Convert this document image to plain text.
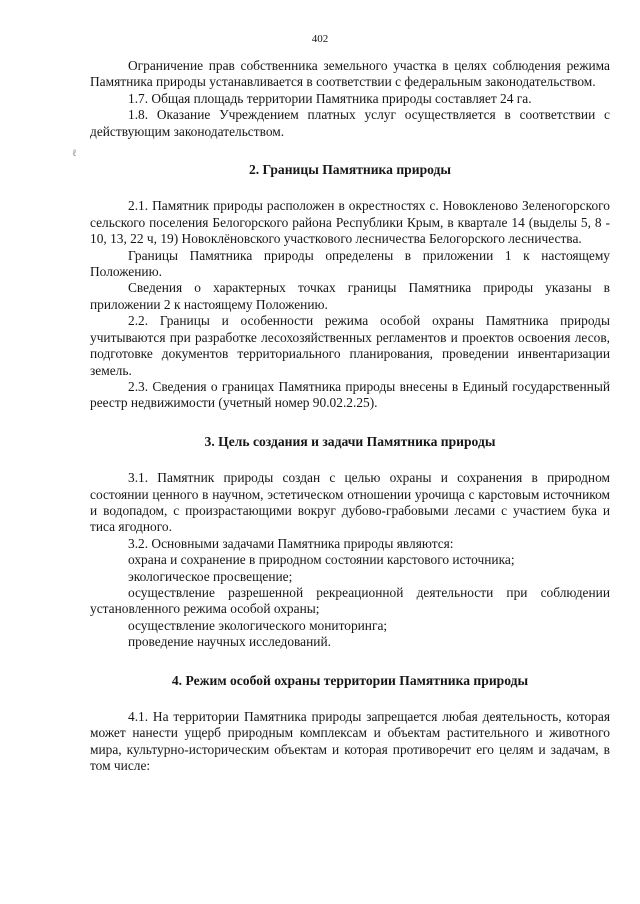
402
ℓ

Ограничение прав собственника земельного участка в целях соблюдения режима Памятника природы устанавливается в соответствии с федеральным законодательством.

1.7. Общая площадь территории Памятника природы составляет 24 га.

1.8. Оказание Учреждением платных услуг осуществляется в соответствии с действующим законодательством.

2. Границы Памятника природы

2.1. Памятник природы расположен в окрестностях с. Новокленово Зеленогорского сельского поселения Белогорского района Республики Крым, в квартале 14 (выделы 5, 8 - 10, 13, 22 ч, 19) Новоклёновского участкового лесничества Белогорского лесничества.

Границы Памятника природы определены в приложении 1 к настоящему Положению.

Сведения о характерных точках границы Памятника природы указаны в приложении 2 к настоящему Положению.

2.2. Границы и особенности режима особой охраны Памятника природы учитываются при разработке лесохозяйственных регламентов и проектов освоения лесов, подготовке документов территориального планирования, проведении инвентаризации земель.

2.3. Сведения о границах Памятника природы внесены в Единый государственный реестр недвижимости (учетный номер 90.02.2.25).

3. Цель создания и задачи Памятника природы

3.1. Памятник природы создан с целью охраны и сохранения в природном состоянии ценного в научном, эстетическом отношении урочища с карстовым источником и водопадом, с произрастающими вокруг дубово-грабовыми лесами с участием бука и тиса ягодного.

3.2. Основными задачами Памятника природы являются:

охрана и сохранение в природном состоянии карстового источника;

экологическое просвещение;

осуществление разрешенной рекреационной деятельности при соблюдении установленного режима особой охраны;

осуществление экологического мониторинга;

проведение научных исследований.

4. Режим особой охраны территории Памятника природы

4.1. На территории Памятника природы запрещается любая деятельность, которая может нанести ущерб природным комплексам и объектам растительного и животного мира, культурно-историческим объектам и которая противоречит его целям и задачам, в том числе:
